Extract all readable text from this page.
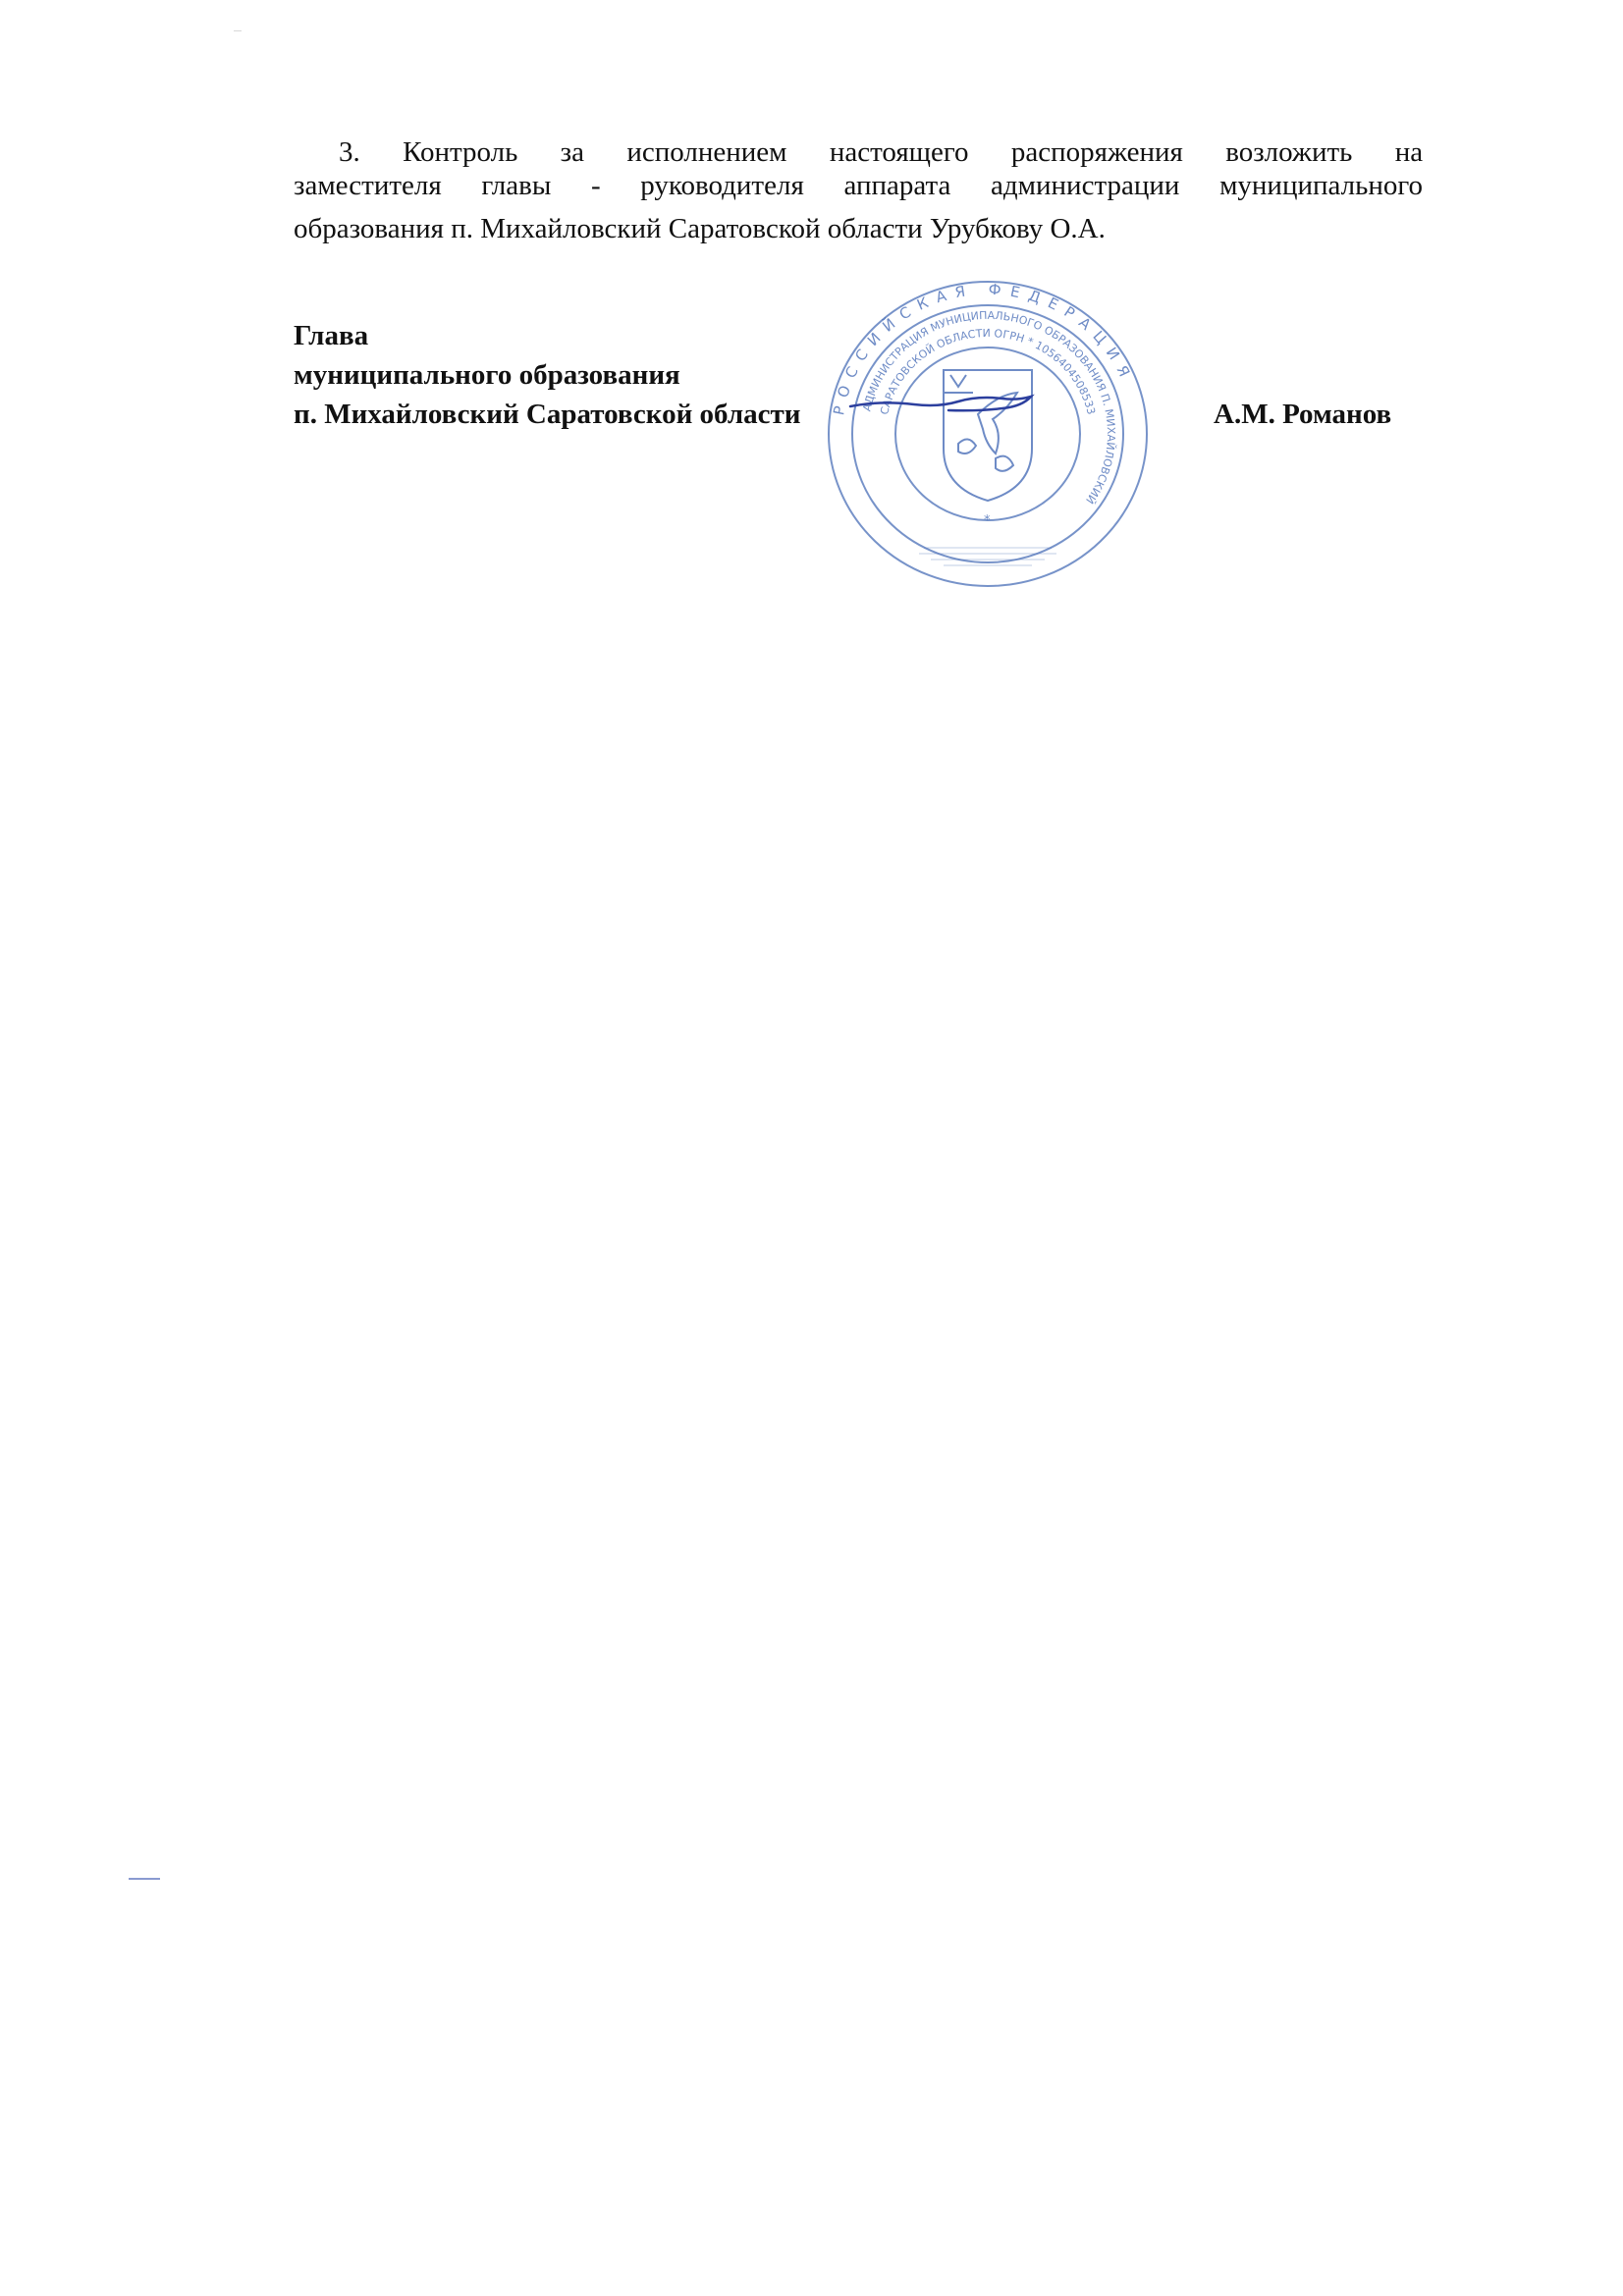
3. Контроль за исполнением настоящего распоряжения возложить на
заместителя главы - руководителя аппарата администрации муниципального
образования п. Михайловский Саратовской области Урубкову О.А.
Глава
муниципального образования
п. Михайловский Саратовской области	А.М. Романов
РОССИЙСКАЯ ФЕДЕРАЦИЯ
АДМИНИСТРАЦИЯ МУНИЦИПАЛЬНОГО ОБРАЗОВАНИЯ П. МИХАЙЛОВСКИЙ
САРАТОВСКОЙ ОБЛАСТИ ОГРН * 1056404508533
*
